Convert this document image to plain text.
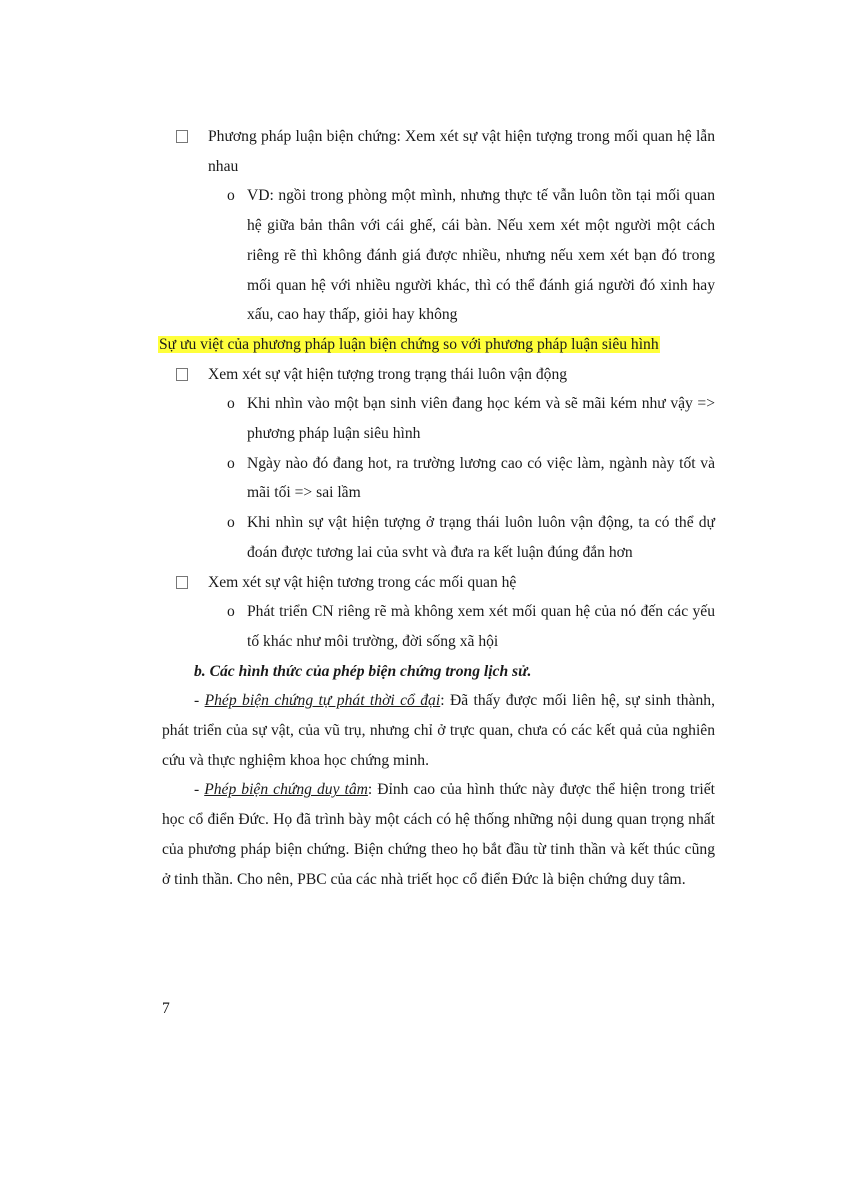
Phương pháp luận biện chứng: Xem xét sự vật hiện tượng trong mối quan hệ lẫn nhau
o VD: ngồi trong phòng một mình, nhưng thực tế vẫn luôn tồn tại mối quan hệ giữa bản thân với cái ghế, cái bàn. Nếu xem xét một người một cách riêng rẽ thì không đánh giá được nhiều, nhưng nếu xem xét bạn đó trong mối quan hệ với nhiều người khác, thì có thể đánh giá người đó xinh hay xấu, cao hay thấp, giỏi hay không
Sự ưu việt của phương pháp luận biện chứng so với phương pháp luận siêu hình
Xem xét sự vật hiện tượng trong trạng thái luôn vận động
o Khi nhìn vào một bạn sinh viên đang học kém và sẽ mãi kém như vậy => phương pháp luận siêu hình
o Ngày nào đó đang hot, ra trường lương cao có việc làm, ngành này tốt và mãi tối => sai lầm
o Khi nhìn sự vật hiện tượng ở trạng thái luôn luôn vận động, ta có thể dự đoán được tương lai của svht và đưa ra kết luận đúng đắn hơn
Xem xét sự vật hiện tương trong các mối quan hệ
o Phát triển CN riêng rẽ mà không xem xét mối quan hệ của nó đến các yếu tố khác như môi trường, đời sống xã hội
b. Các hình thức của phép biện chứng trong lịch sử.
- Phép biện chứng tự phát thời cổ đại: Đã thấy được mối liên hệ, sự sinh thành, phát triển của sự vật, của vũ trụ, nhưng chỉ ở trực quan, chưa có các kết quả của nghiên cứu và thực nghiệm khoa học chứng minh.
- Phép biện chứng duy tâm: Đỉnh cao của hình thức này được thể hiện trong triết học cổ điển Đức. Họ đã trình bày một cách có hệ thống những nội dung quan trọng nhất của phương pháp biện chứng. Biện chứng theo họ bắt đầu từ tinh thần và kết thúc cũng ở tinh thần. Cho nên, PBC của các nhà triết học cổ điển Đức là biện chứng duy tâm.
7
